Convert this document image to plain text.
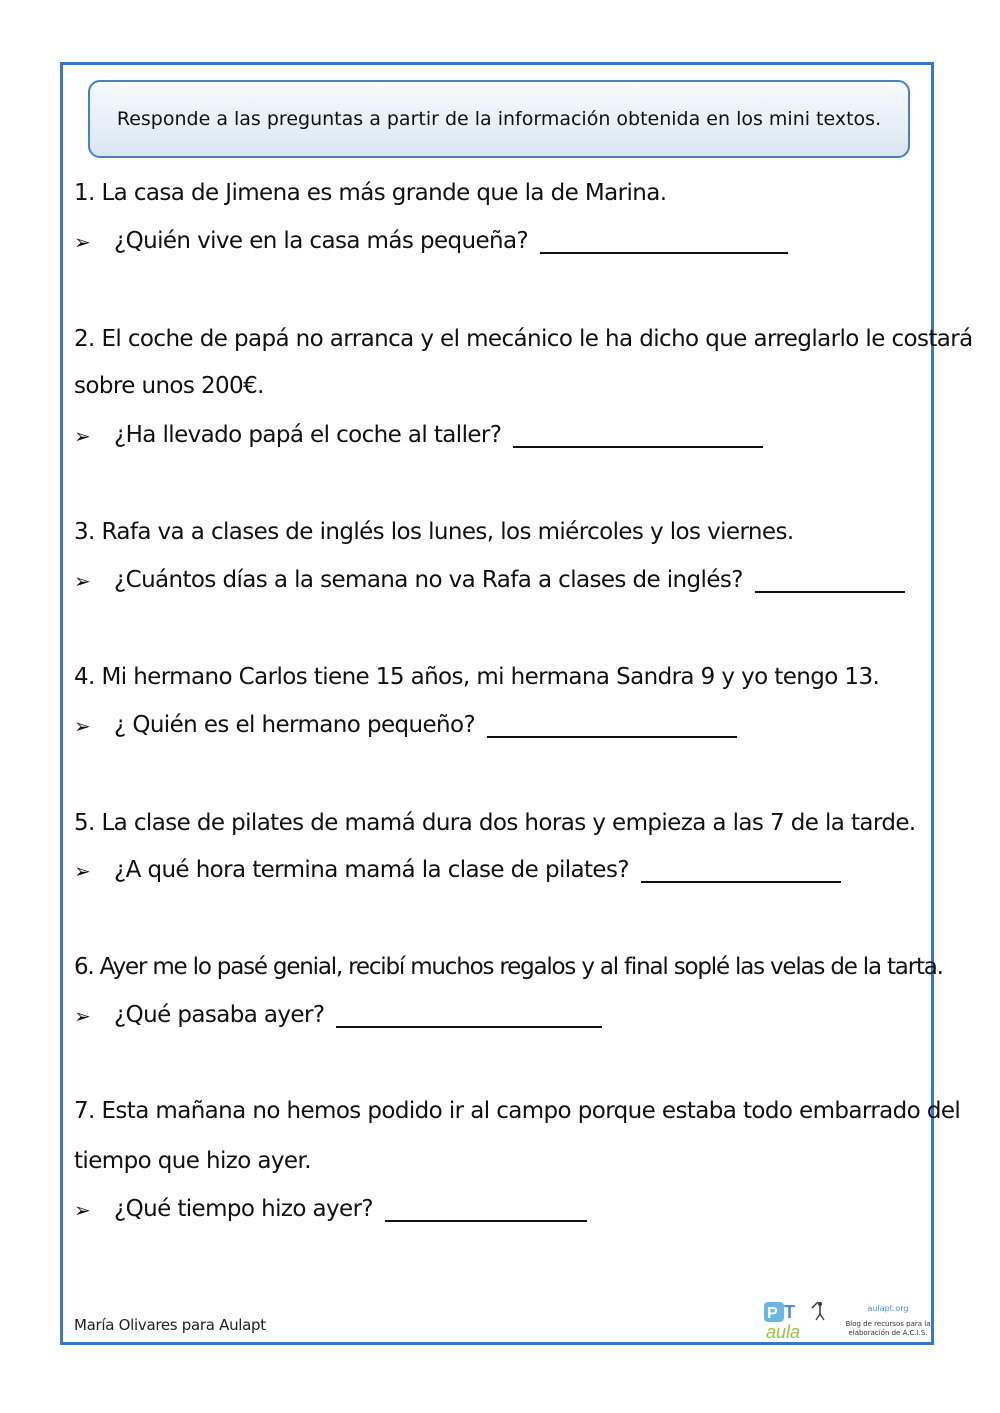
Responde a las preguntas a partir de la información obtenida en los mini textos.
1. La casa de Jimena es más grande que la de Marina.
➢	¿Quién vive en la casa más pequeña?
2. El coche de papá no arranca y el mecánico le ha dicho que arreglarlo le costará
sobre unos 200€.
➢	¿Ha llevado papá el coche al taller?
3. Rafa va a clases de inglés los lunes, los miércoles y los viernes.
➢	¿Cuántos días a la semana no va Rafa a clases de inglés?
4. Mi hermano Carlos tiene 15 años, mi hermana Sandra 9 y yo tengo 13.
➢	¿ Quién es el hermano pequeño?
5. La clase de pilates de mamá dura dos horas y empieza a las 7 de la tarde.
➢	¿A qué hora termina mamá la clase de pilates?
6. Ayer me lo pasé genial, recibí muchos regalos y al final soplé las velas de la tarta.
➢	¿Qué pasaba ayer?
7. Esta mañana no hemos podido ir al campo porque estaba todo embarrado del
tiempo que hizo ayer.
➢	¿Qué tiempo hizo ayer?
María Olivares para Aulapt
P T
aula
aulapt.org
Blog de recursos para la
elaboración de A.C.I.S.
